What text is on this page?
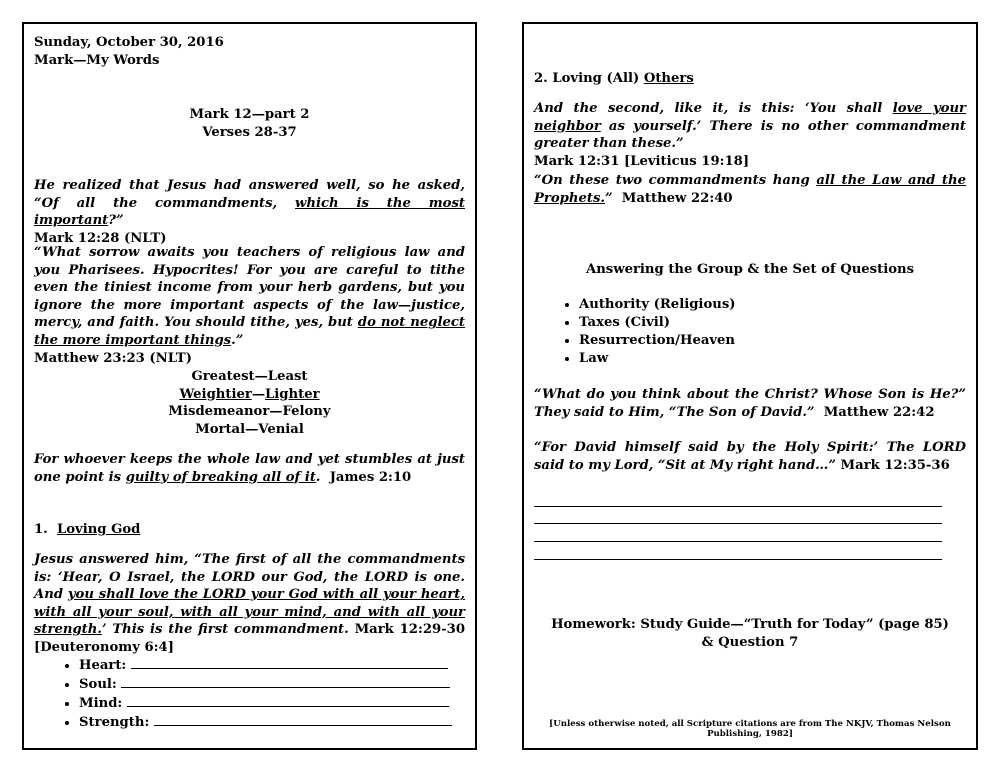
Sunday, October 30, 2016
Mark—My Words
Mark 12—part 2
Verses 28-37
He realized that Jesus had answered well, so he asked, “Of all the commandments, which is the most important?”
Mark 12:28 (NLT)
“What sorrow awaits you teachers of religious law and you Pharisees. Hypocrites! For you are careful to tithe even the tiniest income from your herb gardens, but you ignore the more important aspects of the law—justice, mercy, and faith. You should tithe, yes, but do not neglect the more important things.”
Matthew 23:23 (NLT)
Greatest—Least
Weightier—Lighter
Misdemeanor—Felony
Mortal—Venial
For whoever keeps the whole law and yet stumbles at just one point is guilty of breaking all of it. James 2:10
1. Loving God
Jesus answered him, “The first of all the commandments is: ‘Hear, O Israel, the LORD our God, the LORD is one. And you shall love the LORD your God with all your heart, with all your soul, with all your mind, and with all your strength.’ This is the first commandment. Mark 12:29-30 [Deuteronomy 6:4]
• Heart:
• Soul:
• Mind:
• Strength:
2. Loving (All) Others
And the second, like it, is this: ‘You shall love your neighbor as yourself.’ There is no other commandment greater than these.”
Mark 12:31 [Leviticus 19:18]
“On these two commandments hang all the Law and the Prophets.” Matthew 22:40
Answering the Group & the Set of Questions
• Authority (Religious)
• Taxes (Civil)
• Resurrection/Heaven
• Law
“What do you think about the Christ? Whose Son is He?” They said to Him, “The Son of David.” Matthew 22:42
“For David himself said by the Holy Spirit:’ The LORD said to my Lord, “Sit at My right hand…” Mark 12:35-36
Homework: Study Guide—“Truth for Today” (page 85)
& Question 7
[Unless otherwise noted, all Scripture citations are from The NKJV, Thomas Nelson Publishing, 1982]
